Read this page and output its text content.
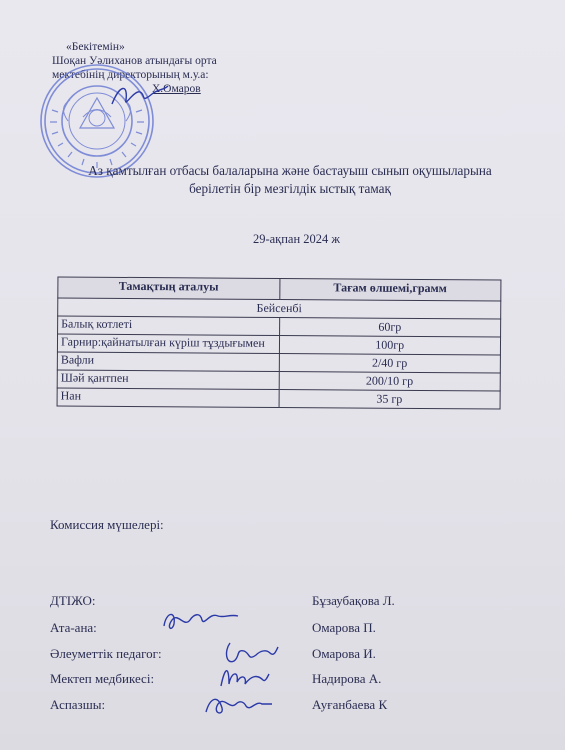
«Бекітемін»
Шоқан Уәлиханов атындағы орта
мектебінің директорының м.у.а:
Х.Омаров
Аз қамтылған отбасы балаларына және бастауыш сынып оқушыларына
берілетін бір мезгілдік ыстық тамақ
29-ақпан 2024 ж
Тамақтың аталуы	Тағам өлшемі,грамм
Бейсенбі	
Балық котлеті	60гр
Гарнир:қайнатылған күріш тұздығымен	100гр
Вафли	2/40 гр
Шәй қантпен	200/10 гр
Нан	35 гр
Комиссия мүшелері:
ДТІЖО:	Бұзаубақова Л.
Ата-ана:	Омарова П.
Әлеуметтік педагог:	Омарова И.
Мектеп медбикесі:	Надирова А.
Аспазшы:	Ауғанбаева К
